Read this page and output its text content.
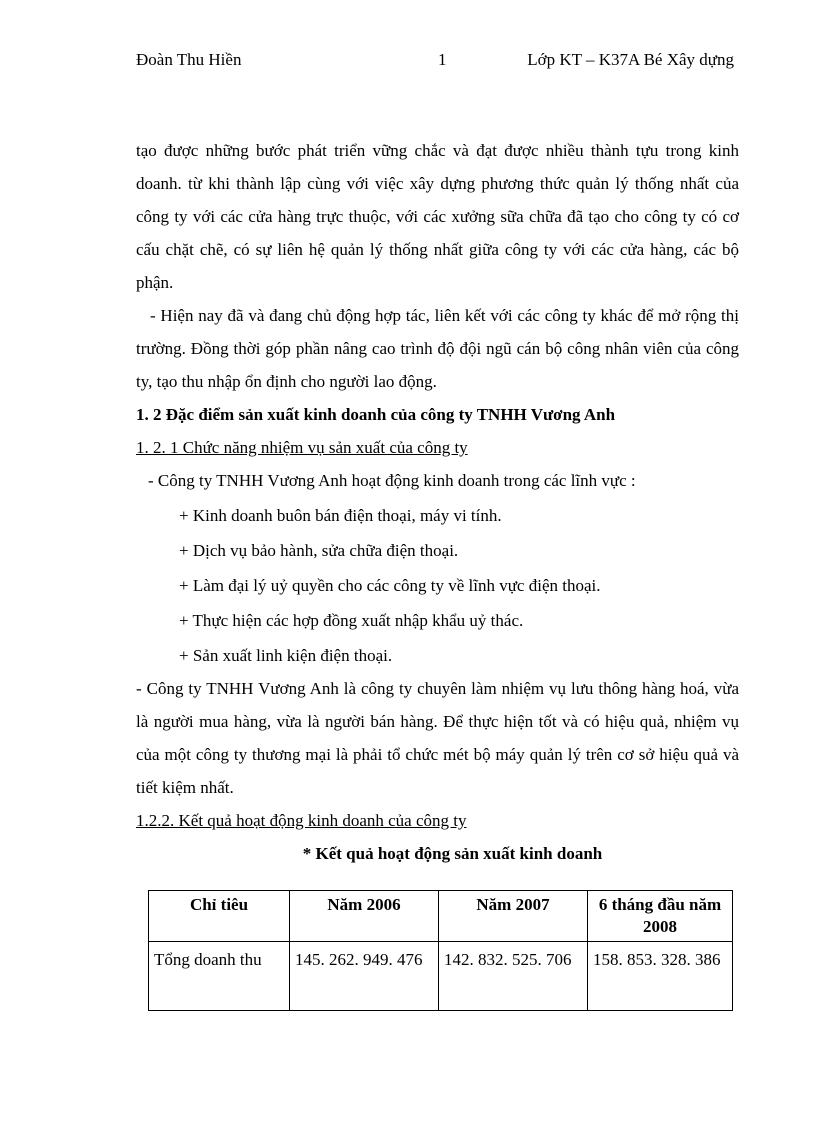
Đoàn Thu Hiền	1	Lớp KT – K37A Bé Xây dựng

tạo được những bước phát triển vững chắc và đạt được nhiều thành tựu trong kinh doanh. từ khi thành lập cùng với việc xây dựng phương thức quản lý thống nhất của công ty với các cửa hàng trực thuộc, với các xưởng sữa chữa đã tạo cho công ty có cơ cấu chặt chẽ, có sự liên hệ quản lý thống nhất giữa công ty với các cửa hàng, các bộ phận.

- Hiện nay đã và đang chủ động hợp tác, liên kết với các công ty khác để mở rộng thị trường. Đồng thời góp phần nâng cao trình độ đội ngũ cán bộ công nhân viên của công ty, tạo thu nhập ổn định cho người lao động.

1. 2 Đặc điểm sản xuất kinh doanh của công ty TNHH Vương Anh

1. 2. 1 Chức năng nhiệm vụ sản xuất của công ty

- Công ty TNHH Vương Anh hoạt động kinh doanh trong các lĩnh vực :

+ Kinh doanh buôn bán điện thoại, máy vi tính.

+ Dịch vụ bảo hành, sửa chữa điện thoại.

+ Làm đại lý uỷ quyền cho các công ty về lĩnh vực điện thoại.

+ Thực hiện các hợp đồng xuất nhập khẩu uỷ thác.

+ Sản xuất linh kiện điện thoại.

- Công ty TNHH Vương Anh là công ty chuyên làm nhiệm vụ lưu thông hàng hoá, vừa là người mua hàng, vừa là người bán hàng. Để thực hiện tốt và có hiệu quả, nhiệm vụ của một công ty thương mại là phải tổ chức mét bộ máy quản lý trên cơ sở hiệu quả và tiết kiệm nhất.

1.2.2. Kết quả hoạt động kinh doanh của công ty

* Kết quả hoạt động sản xuất kinh doanh

Chỉ tiêu	Năm 2006	Năm 2007	6 tháng đầu năm 2008
Tổng doanh thu	145. 262. 949. 476	142. 832. 525. 706	158. 853. 328. 386
